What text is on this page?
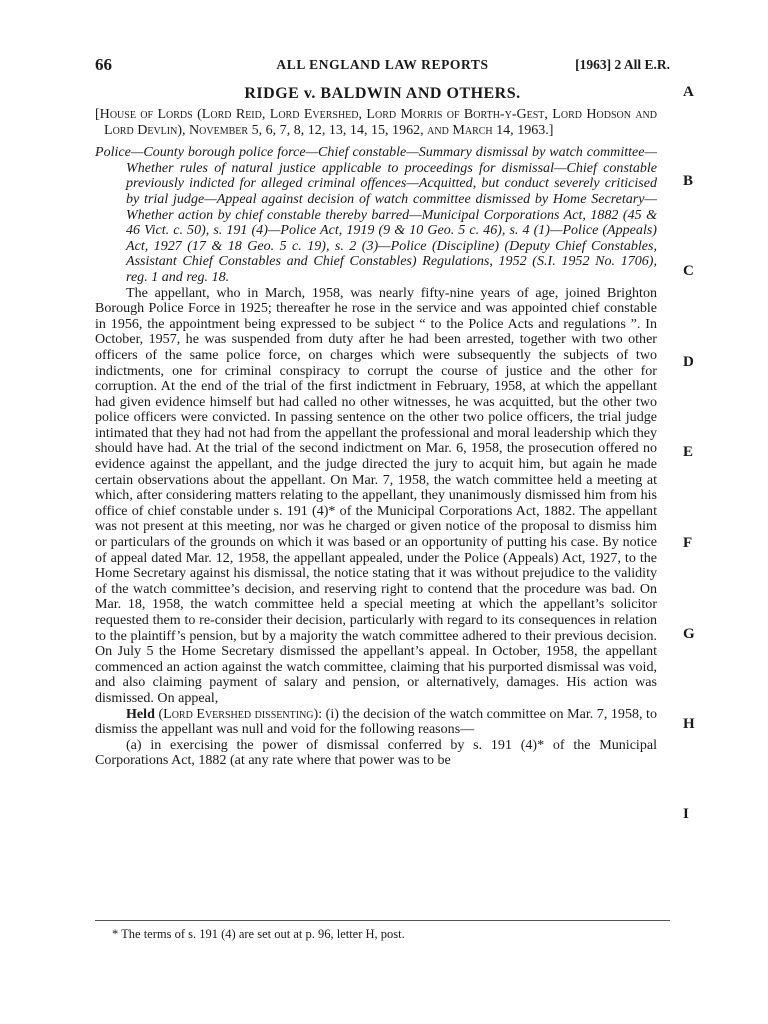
66	ALL ENGLAND LAW REPORTS	[1963] 2 All E.R.
RIDGE v. BALDWIN AND OTHERS.

[House of Lords (Lord Reid, Lord Evershed, Lord Morris of Borth-y-Gest, Lord Hodson and Lord Devlin), November 5, 6, 7, 8, 12, 13, 14, 15, 1962, and March 14, 1963.]

Police—County borough police force—Chief constable—Summary dismissal by watch committee—Whether rules of natural justice applicable to proceedings for dismissal—Chief constable previously indicted for alleged criminal offences—Acquitted, but conduct severely criticised by trial judge—Appeal against decision of watch committee dismissed by Home Secretary—Whether action by chief constable thereby barred—Municipal Corporations Act, 1882 (45 & 46 Vict. c. 50), s. 191 (4)—Police Act, 1919 (9 & 10 Geo. 5 c. 46), s. 4 (1)—Police (Appeals) Act, 1927 (17 & 18 Geo. 5 c. 19), s. 2 (3)—Police (Discipline) (Deputy Chief Constables, Assistant Chief Constables and Chief Constables) Regulations, 1952 (S.I. 1952 No. 1706), reg. 1 and reg. 18.

The appellant, who in March, 1958, was nearly fifty-nine years of age, joined Brighton Borough Police Force in 1925; thereafter he rose in the service and was appointed chief constable in 1956, the appointment being expressed to be subject “ to the Police Acts and regulations ”. In October, 1957, he was suspended from duty after he had been arrested, together with two other officers of the same police force, on charges which were subsequently the subjects of two indictments, one for criminal conspiracy to corrupt the course of justice and the other for corruption. At the end of the trial of the first indictment in February, 1958, at which the appellant had given evidence himself but had called no other witnesses, he was acquitted, but the other two police officers were convicted. In passing sentence on the other two police officers, the trial judge intimated that they had not had from the appellant the professional and moral leadership which they should have had. At the trial of the second indictment on Mar. 6, 1958, the prosecution offered no evidence against the appellant, and the judge directed the jury to acquit him, but again he made certain observations about the appellant. On Mar. 7, 1958, the watch committee held a meeting at which, after considering matters relating to the appellant, they unanimously dismissed him from his office of chief constable under s. 191 (4)* of the Municipal Corporations Act, 1882. The appellant was not present at this meeting, nor was he charged or given notice of the proposal to dismiss him or particulars of the grounds on which it was based or an opportunity of putting his case. By notice of appeal dated Mar. 12, 1958, the appellant appealed, under the Police (Appeals) Act, 1927, to the Home Secretary against his dismissal, the notice stating that it was without prejudice to the validity of the watch committee’s decision, and reserving right to contend that the procedure was bad. On Mar. 18, 1958, the watch committee held a special meeting at which the appellant’s solicitor requested them to re-consider their decision, particularly with regard to its consequences in relation to the plaintiff’s pension, but by a majority the watch committee adhered to their previous decision. On July 5 the Home Secretary dismissed the appellant’s appeal. In October, 1958, the appellant commenced an action against the watch committee, claiming that his purported dismissal was void, and also claiming payment of salary and pension, or alternatively, damages. His action was dismissed. On appeal,

Held (Lord Evershed dissenting): (i) the decision of the watch committee on Mar. 7, 1958, to dismiss the appellant was null and void for the following reasons—

(a) in exercising the power of dismissal conferred by s. 191 (4)* of the Municipal Corporations Act, 1882 (at any rate where that power was to be

* The terms of s. 191 (4) are set out at p. 96, letter H, post.
A
B
C
D
E
F
G
H
I
